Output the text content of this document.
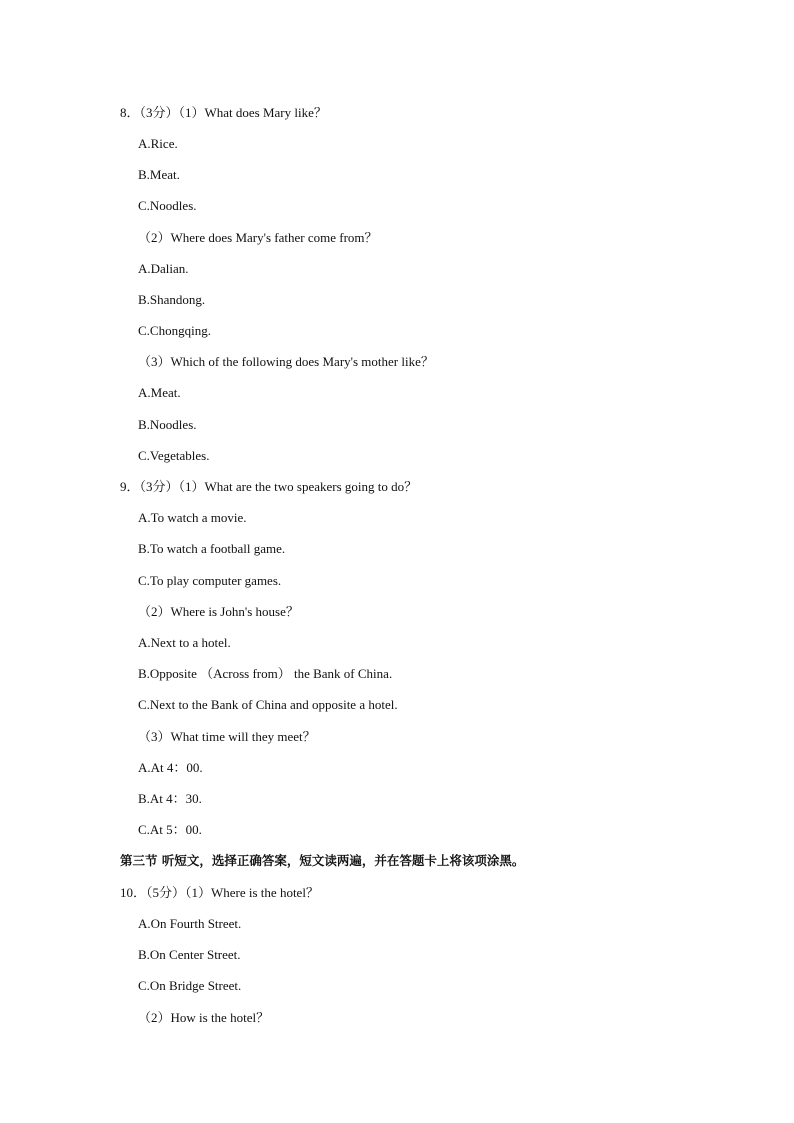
8．（3分）（1）What does Mary like？
A.Rice.
B.Meat.
C.Noodles.
（2）Where does Mary's father come from？
A.Dalian.
B.Shandong.
C.Chongqing.
（3）Which of the following does Mary's mother like？
A.Meat.
B.Noodles.
C.Vegetables.
9．（3分）（1）What are the two speakers going to do？
A.To watch a movie.
B.To watch a football game.
C.To play computer games.
（2）Where is John's house？
A.Next to a hotel.
B.Opposite （Across from） the Bank of China.
C.Next to the Bank of China and opposite a hotel.
（3）What time will they meet？
A.At 4：00.
B.At 4：30.
C.At 5：00.
第三节 听短文，选择正确答案，短文读两遍，并在答题卡上将该项涂黑。
10．（5分）（1）Where is the hotel？
A.On Fourth Street.
B.On Center Street.
C.On Bridge Street.
（2）How is the hotel？
